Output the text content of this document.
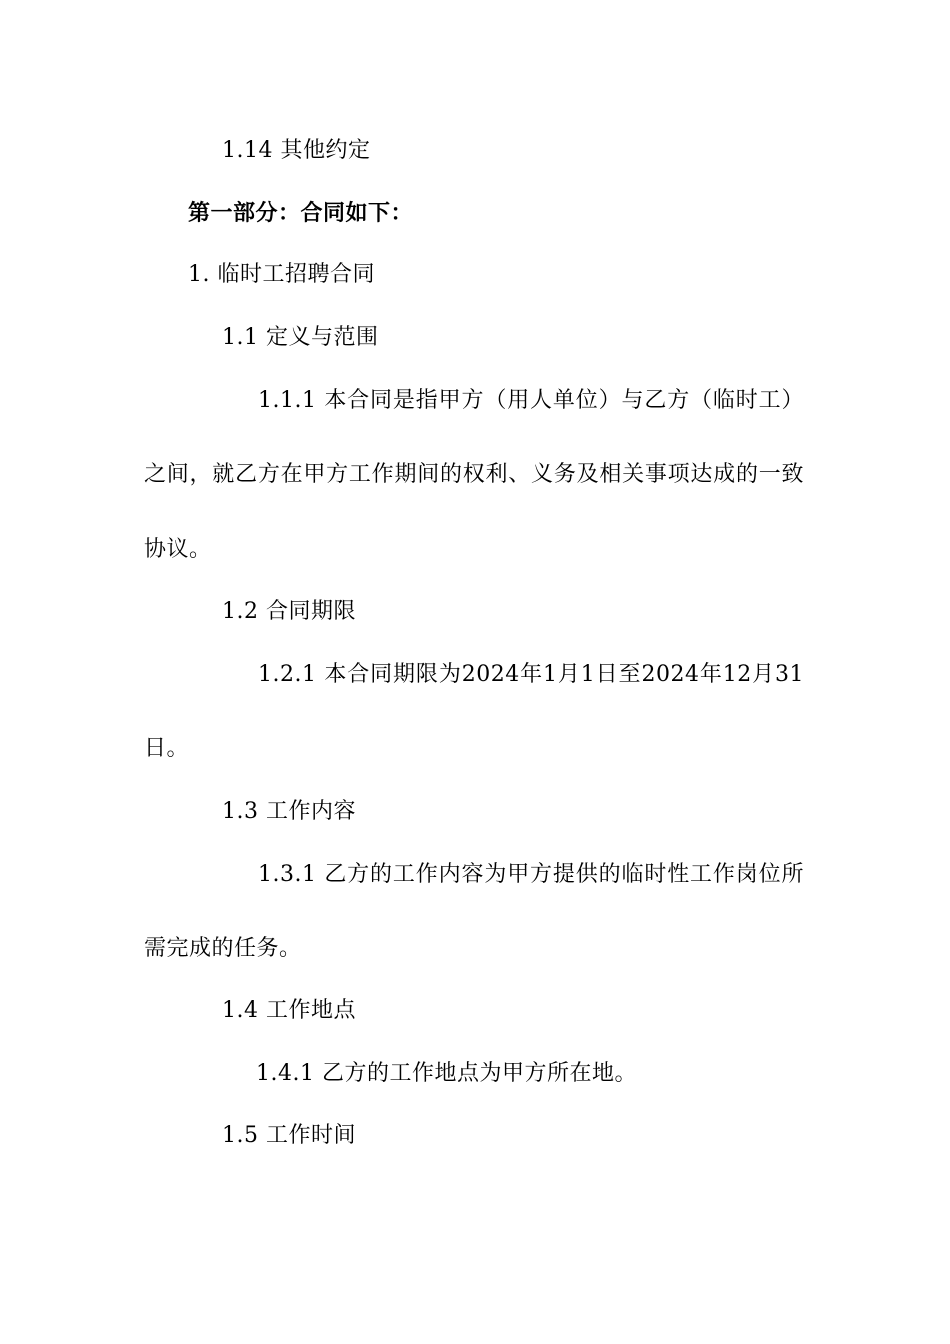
1.14 其他约定
第一部分：合同如下：
1. 临时工招聘合同
1.1 定义与范围
1.1.1 本合同是指甲方（用人单位）与乙方（临时工）
之间，就乙方在甲方工作期间的权利、义务及相关事项达成的一致
协议。
1.2 合同期限
1.2.1 本合同期限为2024年1月1日至2024年12月31
日。
1.3 工作内容
1.3.1 乙方的工作内容为甲方提供的临时性工作岗位所
需完成的任务。
1.4 工作地点
1.4.1 乙方的工作地点为甲方所在地。
1.5 工作时间
